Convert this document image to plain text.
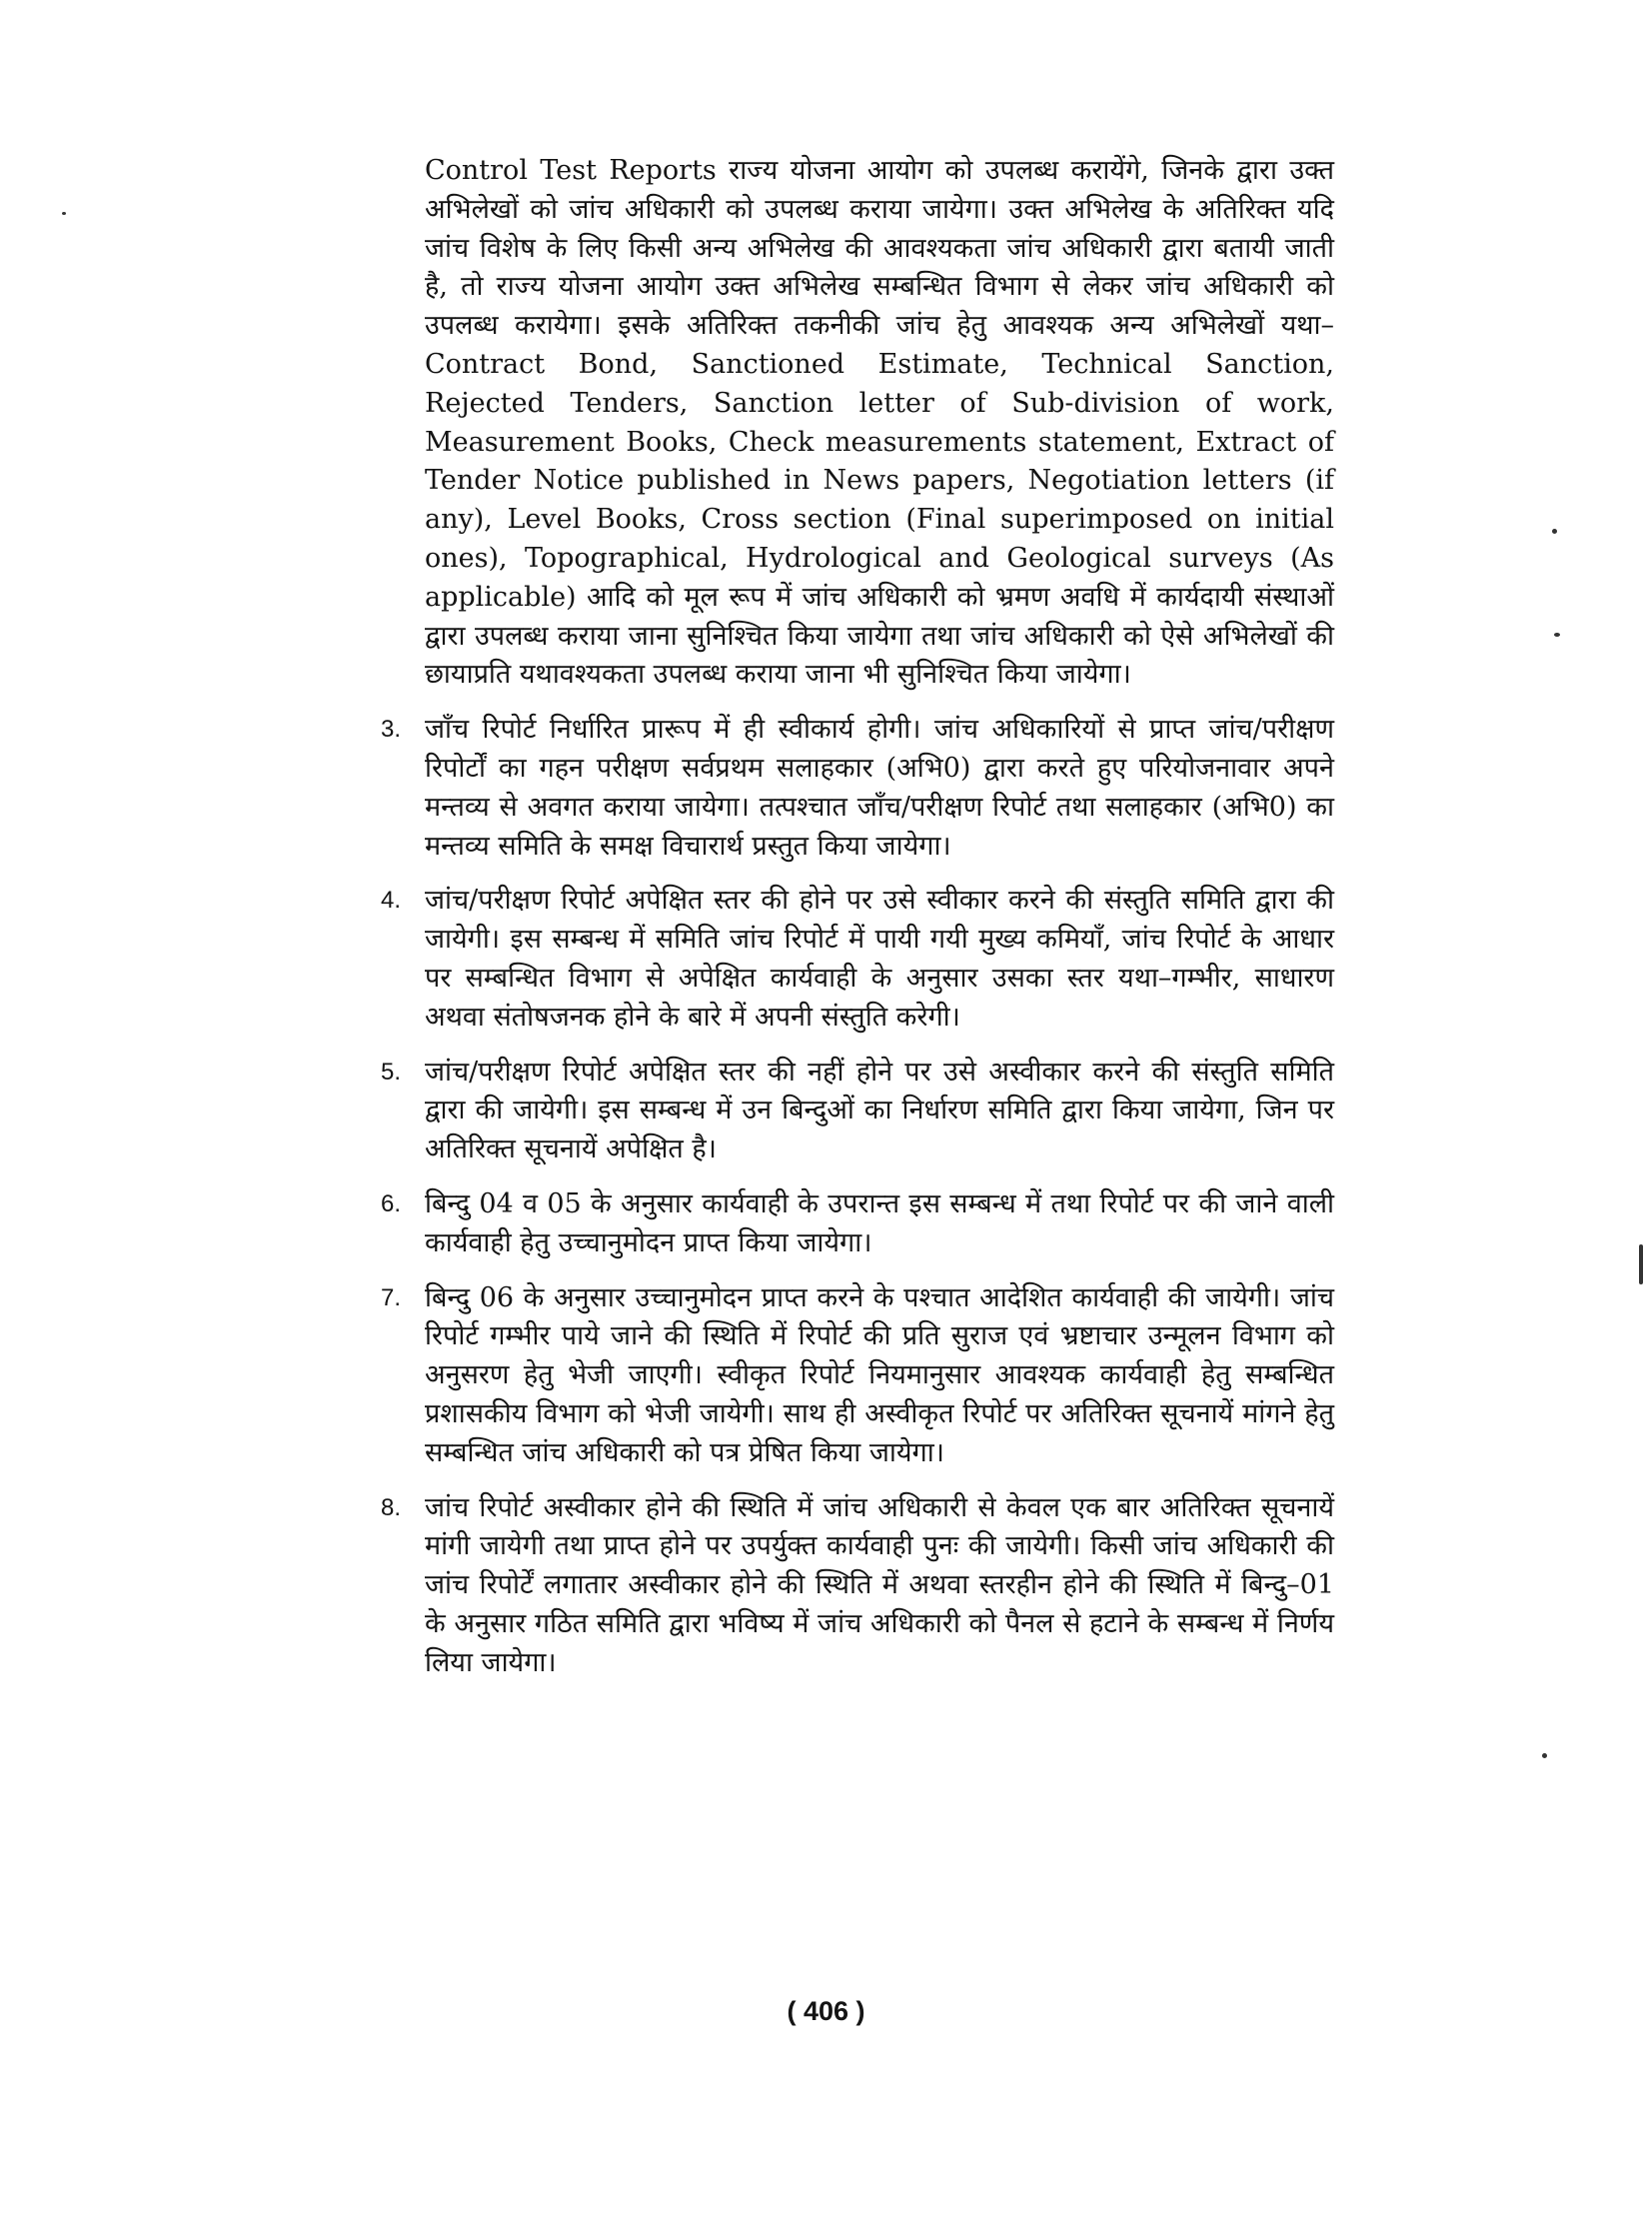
Control Test Reports राज्य योजना आयोग को उपलब्ध करायेंगे, जिनके द्वारा उक्त अभिलेखों को जांच अधिकारी को उपलब्ध कराया जायेगा। उक्त अभिलेख के अतिरिक्त यदि जांच विशेष के लिए किसी अन्य अभिलेख की आवश्यकता जांच अधिकारी द्वारा बतायी जाती है, तो राज्य योजना आयोग उक्त अभिलेख सम्बन्धित विभाग से लेकर जांच अधिकारी को उपलब्ध करायेगा। इसके अतिरिक्त तकनीकी जांच हेतु आवश्यक अन्य अभिलेखों यथा– Contract Bond, Sanctioned Estimate, Technical Sanction, Rejected Tenders, Sanction letter of Sub-division of work, Measurement Books, Check measurements statement, Extract of Tender Notice published in News papers, Negotiation letters (if any), Level Books, Cross section (Final superimposed on initial ones), Topographical, Hydrological and Geological surveys (As applicable) आदि को मूल रूप में जांच अधिकारी को भ्रमण अवधि में कार्यदायी संस्थाओं द्वारा उपलब्ध कराया जाना सुनिश्चित किया जायेगा तथा जांच अधिकारी को ऐसे अभिलेखों की छायाप्रति यथावश्यकता उपलब्ध कराया जाना भी सुनिश्चित किया जायेगा।

3. जाँच रिपोर्ट निर्धारित प्रारूप में ही स्वीकार्य होगी। जांच अधिकारियों से प्राप्त जांच/परीक्षण रिपोर्टों का गहन परीक्षण सर्वप्रथम सलाहकार (अभि0) द्वारा करते हुए परियोजनावार अपने मन्तव्य से अवगत कराया जायेगा। तत्पश्चात जाँच/परीक्षण रिपोर्ट तथा सलाहकार (अभि0) का मन्तव्य समिति के समक्ष विचारार्थ प्रस्तुत किया जायेगा।
4. जांच/परीक्षण रिपोर्ट अपेक्षित स्तर की होने पर उसे स्वीकार करने की संस्तुति समिति द्वारा की जायेगी। इस सम्बन्ध में समिति जांच रिपोर्ट में पायी गयी मुख्य कमियाँ, जांच रिपोर्ट के आधार पर सम्बन्धित विभाग से अपेक्षित कार्यवाही के अनुसार उसका स्तर यथा–गम्भीर, साधारण अथवा संतोषजनक होने के बारे में अपनी संस्तुति करेगी।
5. जांच/परीक्षण रिपोर्ट अपेक्षित स्तर की नहीं होने पर उसे अस्वीकार करने की संस्तुति समिति द्वारा की जायेगी। इस सम्बन्ध में उन बिन्दुओं का निर्धारण समिति द्वारा किया जायेगा, जिन पर अतिरिक्त सूचनायें अपेक्षित है।
6. बिन्दु 04 व 05 के अनुसार कार्यवाही के उपरान्त इस सम्बन्ध में तथा रिपोर्ट पर की जाने वाली कार्यवाही हेतु उच्चानुमोदन प्राप्त किया जायेगा।
7. बिन्दु 06 के अनुसार उच्चानुमोदन प्राप्त करने के पश्चात आदेशित कार्यवाही की जायेगी। जांच रिपोर्ट गम्भीर पाये जाने की स्थिति में रिपोर्ट की प्रति सुराज एवं भ्रष्टाचार उन्मूलन विभाग को अनुसरण हेतु भेजी जाएगी। स्वीकृत रिपोर्ट नियमानुसार आवश्यक कार्यवाही हेतु सम्बन्धित प्रशासकीय विभाग को भेजी जायेगी। साथ ही अस्वीकृत रिपोर्ट पर अतिरिक्त सूचनायें मांगने हेतु सम्बन्धित जांच अधिकारी को पत्र प्रेषित किया जायेगा।
8. जांच रिपोर्ट अस्वीकार होने की स्थिति में जांच अधिकारी से केवल एक बार अतिरिक्त सूचनायें मांगी जायेगी तथा प्राप्त होने पर उपर्युक्त कार्यवाही पुनः की जायेगी। किसी जांच अधिकारी की जांच रिपोर्टें लगातार अस्वीकार होने की स्थिति में अथवा स्तरहीन होने की स्थिति में बिन्दु–01 के अनुसार गठित समिति द्वारा भविष्य में जांच अधिकारी को पैनल से हटाने के सम्बन्ध में निर्णय लिया जायेगा।
( 406 )
